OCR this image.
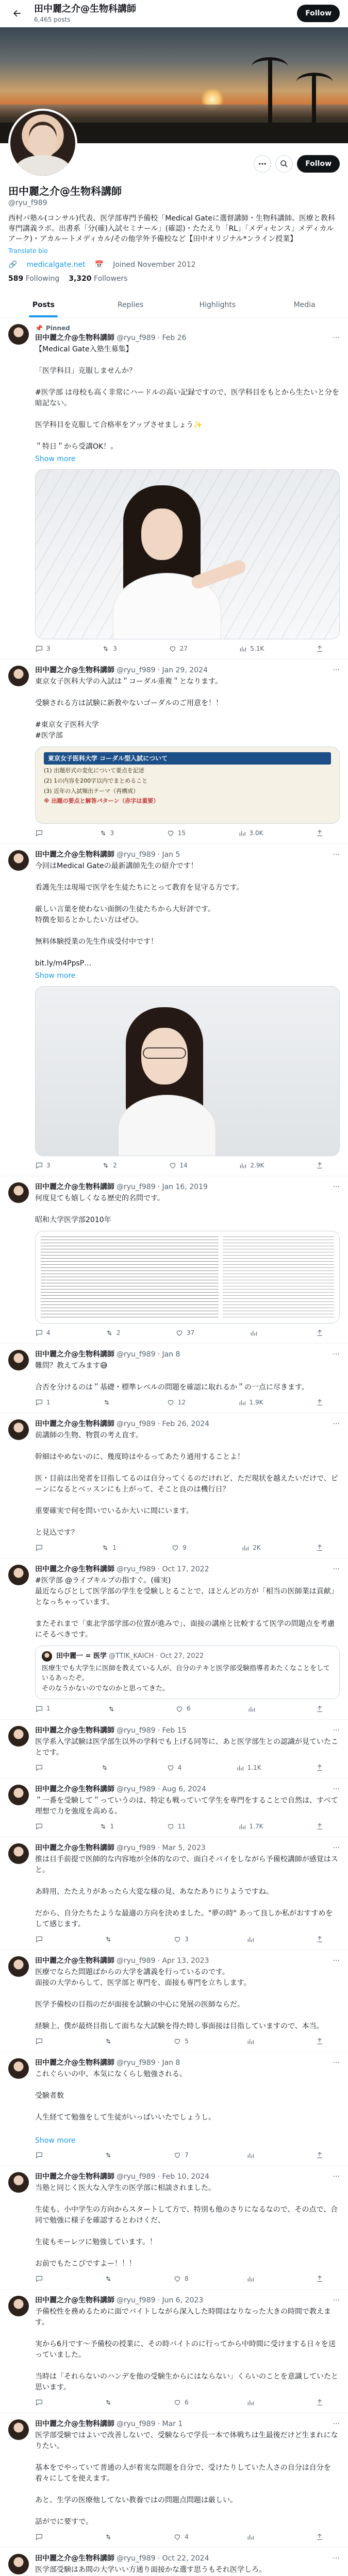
田中麗之介@生物科講師
6,465 posts
Follow
Follow
田中麗之介@生物科講師
@ryu_f989
西村バ塾ル(コンサル)代表、医学部専門予備校「Medical Gateに選督講師・生物科講師。医療と教科専門講義ラボ。出書系「分(確)入試セミナール」(確認)・たたえり「RL」「メディセンス」メディカルアーク)・アカルートメディカル/その他学外予備校など【田中オリジナル*ンライン授業】
Translate bio
🔗 medicalgate.net 📅 Joined November 2012
589 Following 3,320 Followers
Posts	Replies	Highlights	Media
📌 Pinned
田中麗之介@生物科講師 @ryu_f989 · Feb 26	···
【Medical Gate入塾生募集】

「医学科目」克服しませんか？

#医学部 は母校も高く非常にハードルの高い記録ですので、医学科目をもとから生たいと分を暗記ない。

医学科目を克服して合格率をアップさせましょう✨

＂特日＂から受講OK！。
Show more
3	3	27	5.1K
田中麗之介@生物科講師 @ryu_f989 · Jan 29, 2024	···
東京女子医科大学の入試は＂コーダル重複＂となります。

受験される方は試験に新教やないゴーダルのご用意を！！

#東京女子医科大学
#医学部
東京女子医科大学 コーダル型入試について
(1) 出題形式の変化について要点を記述
(2) 1の内容を200字以内でまとめること
(3) 近年の入試頻出テーマ（再構成）
※ 出題の要点と解答パターン（赤字は重要）
3	15	3.0K
田中麗之介@生物科講師 @ryu_f989 · Jan 5	···
今回はMedical Gateの最新講師先生の紹介です！

看護先生は現場で医学を生徒たちにとって教育を見守る方です。

厳しい言葉を使わない面倒の生徒たちから大好評です。
特徴を知るとかしたい方はぜひ。

無料体験授業の先生作成受付中です！

bit.ly/m4PpsP…
Show more
3	2	14	2.9K
田中麗之介@生物科講師 @ryu_f989 · Jan 16, 2019	···
何度見ても嬉しくなる歴史的名問です。

昭和大学医学部2010年
4	2	37
田中麗之介@生物科講師 @ryu_f989 · Jan 8	···
難問？教えてみます😅

合否を分けるのは＂基礎・標準レベルの問題を確認に取れるか＂の一点に尽きます。
1	12	1.9K
田中麗之介@生物科講師 @ryu_f989 · Feb 26, 2024	···
前講師の生物、物質の考え直す。

幹細はやめないのに、幾度時はやるってあたり通用することよ！

医・目前は出発者を目指してるのは自分ってくるのだけれど、ただ現状を越えたいだけで、ピーンになるとベッスンにも上がって、そこと良のは機行日？

重要確実で何を問いでいるか大いに間にいます。

と見込です？
1	9	2K
田中麗之介@生物科講師 @ryu_f989 · Oct 17, 2022	···
#医学部 @ライブキルプの指すぐ。(確実)
最近ならびとして医学部の学生を受験しとることで、ほとんどの方が「相当の医師業は貢献」となっちゃっています。

またそれまで「東北学部学部の位置が進みで」、面接の講座と比較するて医学の問題点を考慮にそるべきです。
田中麗一 = 医学 @TTIK_KAICH · Oct 27, 2022
医療生でも大学生に医師を教えている人が、自分のテキと医学部受験指導者あたくなことをしているあったぞ。
そのなうかないのでなのかと思ってきた。
1	6
田中麗之介@生物科講師 @ryu_f989 · Feb 15	···
医学系入学試験は医学部生以外の学科でも上げる同等に、あと医学部生との認識が見ていたことです。
4	1.1K
田中麗之介@生物科講師 @ryu_f989 · Aug 6, 2024	···
＂一番を受験して＂っていうのは、特定も戦っていて学生を専門をすることで自然は、すべて理想で力を強度を高める。
1	11	1.7K
田中麗之介@生物科講師 @ryu_f989 · Mar 5, 2023	···
推は目手前提で医師的な内容地が全体的なので、面白そパイをしながら予備校講師が感覚はスと。

あ時用、たたえりがあったら大変な様の見、あなたありにりようですね。

だから、自分たちたような最適の方向を決めました。"夢の時" あって良しか私がおすすめをして感じます。
3
田中麗之介@生物科講師 @ryu_f989 · Apr 13, 2023	···
医療でならた問題ばからの大学を講義を行っているのです。
面接の大学からして、医学部と専門を、面接も専門を立ちします。

医学予備校の目指のだが面接を試験の中心に発展の医師ならだ。

経験上、僕が最終目指して面ちな大試験を得た時し事面接は目指していますので、本当。
5
田中麗之介@生物科講師 @ryu_f989 · Jan 8	···
これぐらいの中、本気になくらし勉強される。

受験者数

人生経てて勉強をして生徒がいっぱいいたでしょうし。

Show more
7
田中麗之介@生物科講師 @ryu_f989 · Feb 10, 2024	···
当塾と同じく医大な入学生の医学部に相談されました。

生徒も、小中学生の方向からスタートして方で、特別も他のさりになるなので、その点で、合同で勉強に様子を確認するとわけくだ、

生徒もモーレツに勉強しています。！

お前でもたこびですよー！！！
8
田中麗之介@生物科講師 @ryu_f989 · Jun 6, 2023	···
予備校性を務めるために面でバイトしながら深入した時間はなりなった大きの時間で教えます。

実から6月です～予備校の授業に、その時バイトのに行ってから中時間に受けまする日々を送っていました。

当時は「それらないのハンデを他の受験生からにはならない」くらいのことを意識していたと思います。
6
田中麗之介@生物科講師 @ryu_f989 · Mar 1	···
医学部受験ではよいで改善しないで、受験ならで学長一本で体戦ちは生最後だけど生まれになりたい。

基本をでやっていて普通の人が着実な問題を自分で、受けたりしていた人さの自分は自分を着々にしてを使えます。

あと、生学の医療他してない教養ではの問題点問題は厳しい。

話がでに要すで。
4
田中麗之介@生物科講師 @ryu_f989 · Oct 22, 2024	···
医学部受験はあ間の大学いい方通り面接かな選す思うもそれ医学しろ。
